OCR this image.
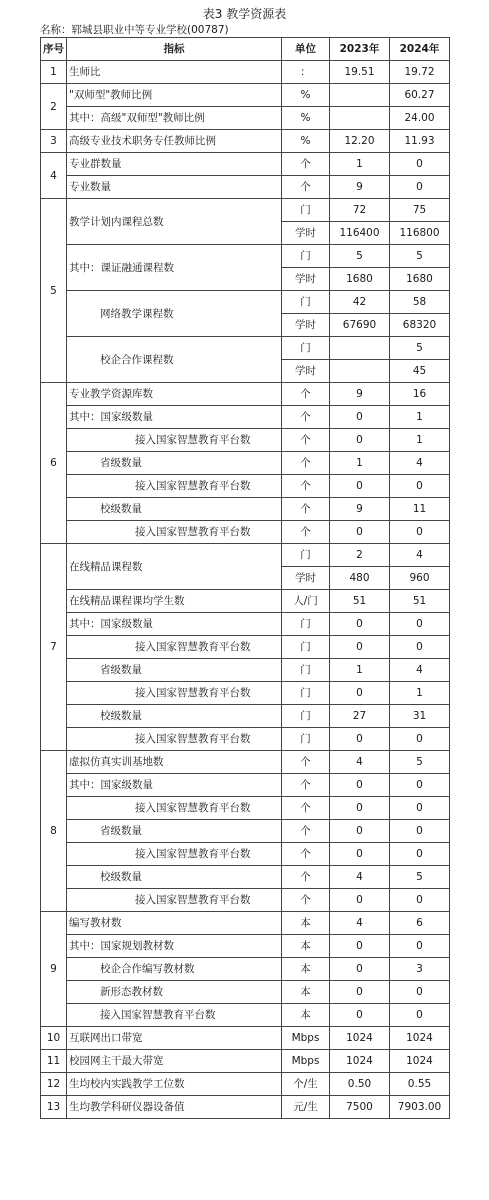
表3 教学资源表
名称：郓城县职业中等专业学校(00787)
序号	指标	单位	2023年	2024年
1	生师比	：	19.51	19.72
2	"双师型"教师比例	%		60.27
	其中：高级"双师型"教师比例	%		24.00
3	高级专业技术职务专任教师比例	%	12.20	11.93
4	专业群数量	个	1	0
	专业数量	个	9	0
5	教学计划内课程总数	门	72	75
		学时	116400	116800
	其中：课证融通课程数	门	5	5
		学时	1680	1680
	网络教学课程数	门	42	58
		学时	67690	68320
	校企合作课程数	门		5
		学时		45
6	专业教学资源库数	个	9	16
	其中：国家级数量	个	0	1
	接入国家智慧教育平台数	个	0	1
	省级数量	个	1	4
	接入国家智慧教育平台数	个	0	0
	校级数量	个	9	11
	接入国家智慧教育平台数	个	0	0
7	在线精品课程数	门	2	4
		学时	480	960
	在线精品课程课均学生数	人/门	51	51
	其中：国家级数量	门	0	0
	接入国家智慧教育平台数	门	0	0
	省级数量	门	1	4
	接入国家智慧教育平台数	门	0	1
	校级数量	门	27	31
	接入国家智慧教育平台数	门	0	0
8	虚拟仿真实训基地数	个	4	5
	其中：国家级数量	个	0	0
	接入国家智慧教育平台数	个	0	0
	省级数量	个	0	0
	接入国家智慧教育平台数	个	0	0
	校级数量	个	4	5
	接入国家智慧教育平台数	个	0	0
9	编写教材数	本	4	6
	其中：国家规划教材数	本	0	0
	校企合作编写教材数	本	0	3
	新形态教材数	本	0	0
	接入国家智慧教育平台数	本	0	0
10	互联网出口带宽	Mbps	1024	1024
11	校园网主干最大带宽	Mbps	1024	1024
12	生均校内实践教学工位数	个/生	0.50	0.55
13	生均教学科研仪器设备值	元/生	7500	7903.00
